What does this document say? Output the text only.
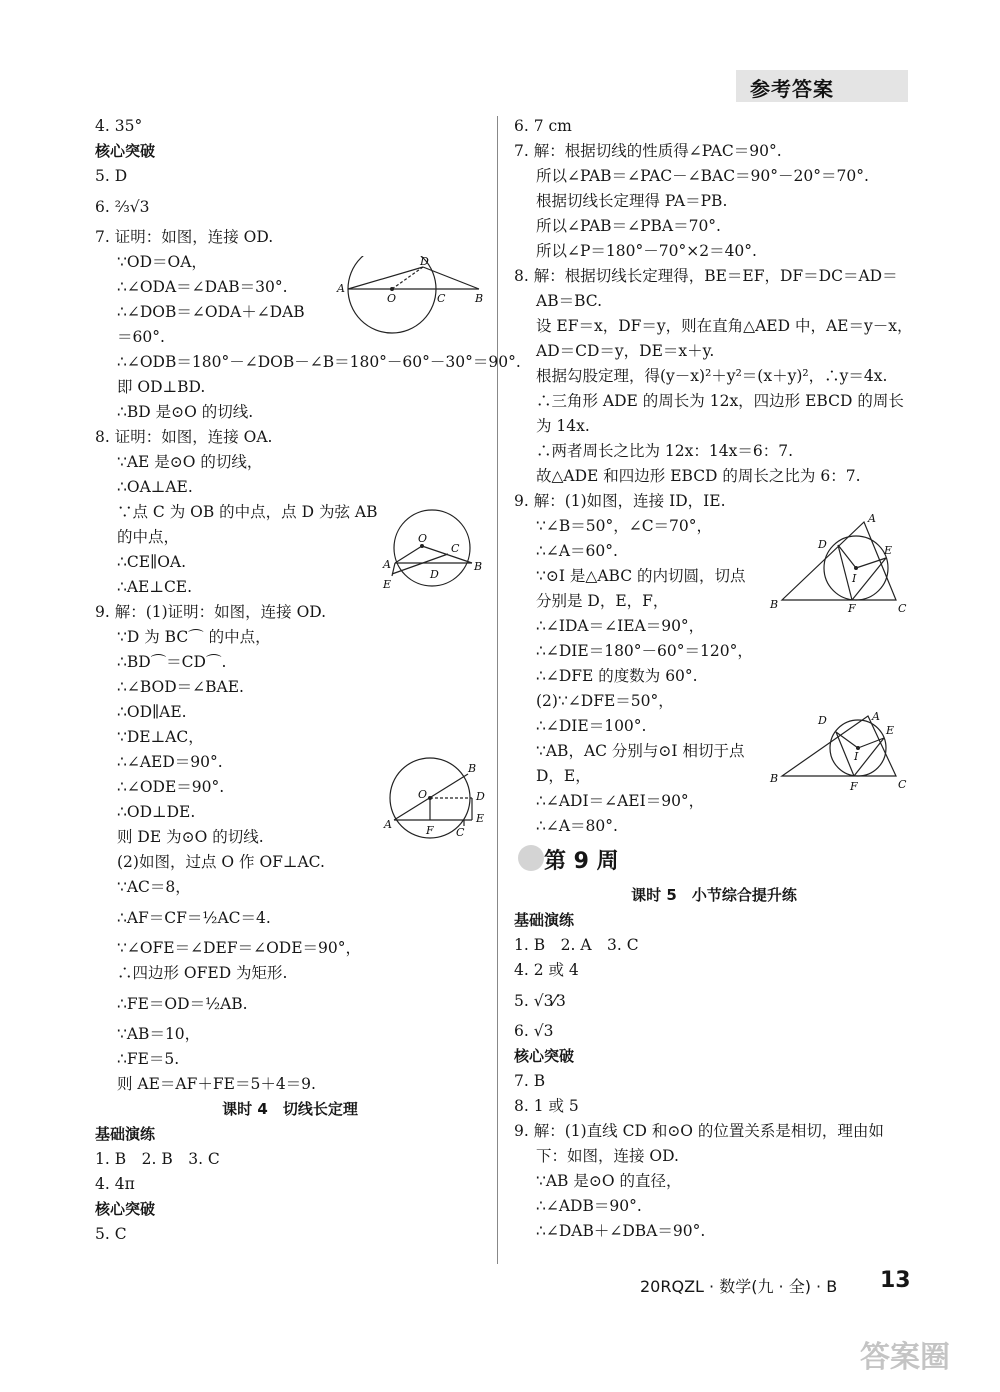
参考答案
4. 35°
核心突破
5. D
6. ⅔√3
7. 证明：如图，连接 OD.
∵OD＝OA，
∴∠ODA＝∠DAB＝30°.
∴∠DOB＝∠ODA＋∠DAB
＝60°.
∴∠ODB＝180°－∠DOB－∠B＝180°－60°－30°＝90°.
即 OD⊥BD.
∴BD 是⊙O 的切线.
8. 证明：如图，连接 OA.
∵AE 是⊙O 的切线，
∴OA⊥AE.
∵点 C 为 OB 的中点，点 D 为弦 AB
的中点，
∴CE∥OA.
∴AE⊥CE.
9. 解：(1)证明：如图，连接 OD.
∵D 为 BC⌒ 的中点，
∴BD⌒＝CD⌒.
∴∠BOD＝∠BAE.
∴OD∥AE.
∵DE⊥AC，
∴∠AED＝90°.
∴∠ODE＝90°.
∴OD⊥DE.
则 DE 为⊙O 的切线.
(2)如图，过点 O 作 OF⊥AC.
∵AC＝8，
∴AF＝CF＝½AC＝4.
∵∠OFE＝∠DEF＝∠ODE＝90°，
∴四边形 OFED 为矩形.
∴FE＝OD＝½AB.
∵AB＝10，
∴FE＝5.
则 AE＝AF＋FE＝5＋4＝9.
课时 4　切线长定理
基础演练
1. B　2. B　3. C
4. 4π
核心突破
5. C
6. 7 cm
7. 解：根据切线的性质得∠PAC＝90°.
所以∠PAB＝∠PAC－∠BAC＝90°－20°＝70°.
根据切线长定理得 PA＝PB.
所以∠PAB＝∠PBA＝70°.
所以∠P＝180°－70°×2＝40°.
8. 解：根据切线长定理得，BE＝EF，DF＝DC＝AD＝
AB＝BC.
设 EF＝x，DF＝y，则在直角△AED 中，AE＝y－x，
AD＝CD＝y，DE＝x＋y.
根据勾股定理，得(y－x)²＋y²＝(x＋y)²，∴y＝4x.
∴三角形 ADE 的周长为 12x，四边形 EBCD 的周长
为 14x.
∴两者周长之比为 12x：14x＝6：7.
故△ADE 和四边形 EBCD 的周长之比为 6：7.
9. 解：(1)如图，连接 ID，IE.
∵∠B＝50°，∠C＝70°，
∴∠A＝60°.
∵⊙I 是△ABC 的内切圆，切点
分别是 D，E，F，
∴∠IDA＝∠IEA＝90°，
∴∠DIE＝180°－60°＝120°，
∴∠DFE 的度数为 60°.
(2)∵∠DFE＝50°，
∴∠DIE＝100°.
∵AB，AC 分别与⊙I 相切于点
D，E，
∴∠ADI＝∠AEI＝90°，
∴∠A＝80°.
第 9 周
课时 5　小节综合提升练
基础演练
1. B　2. A　3. C
4. 2 或 4
5. √3⁄3
6. √3
核心突破
7. B
8. 1 或 5
9. 解：(1)直线 CD 和⊙O 的位置关系是相切，理由如
下：如图，连接 OD.
∵AB 是⊙O 的直径，
∴∠ADB＝90°.
∴∠DAB＋∠DBA＝90°.
D
A
O	C	B
O
C
A
D
B
E
B
D
O
A	F C
E
A
D	E
I
B	F	C
A
D
E
I
B
F	C
20RQZL · 数学(九 · 全) · B 13
答案圈
